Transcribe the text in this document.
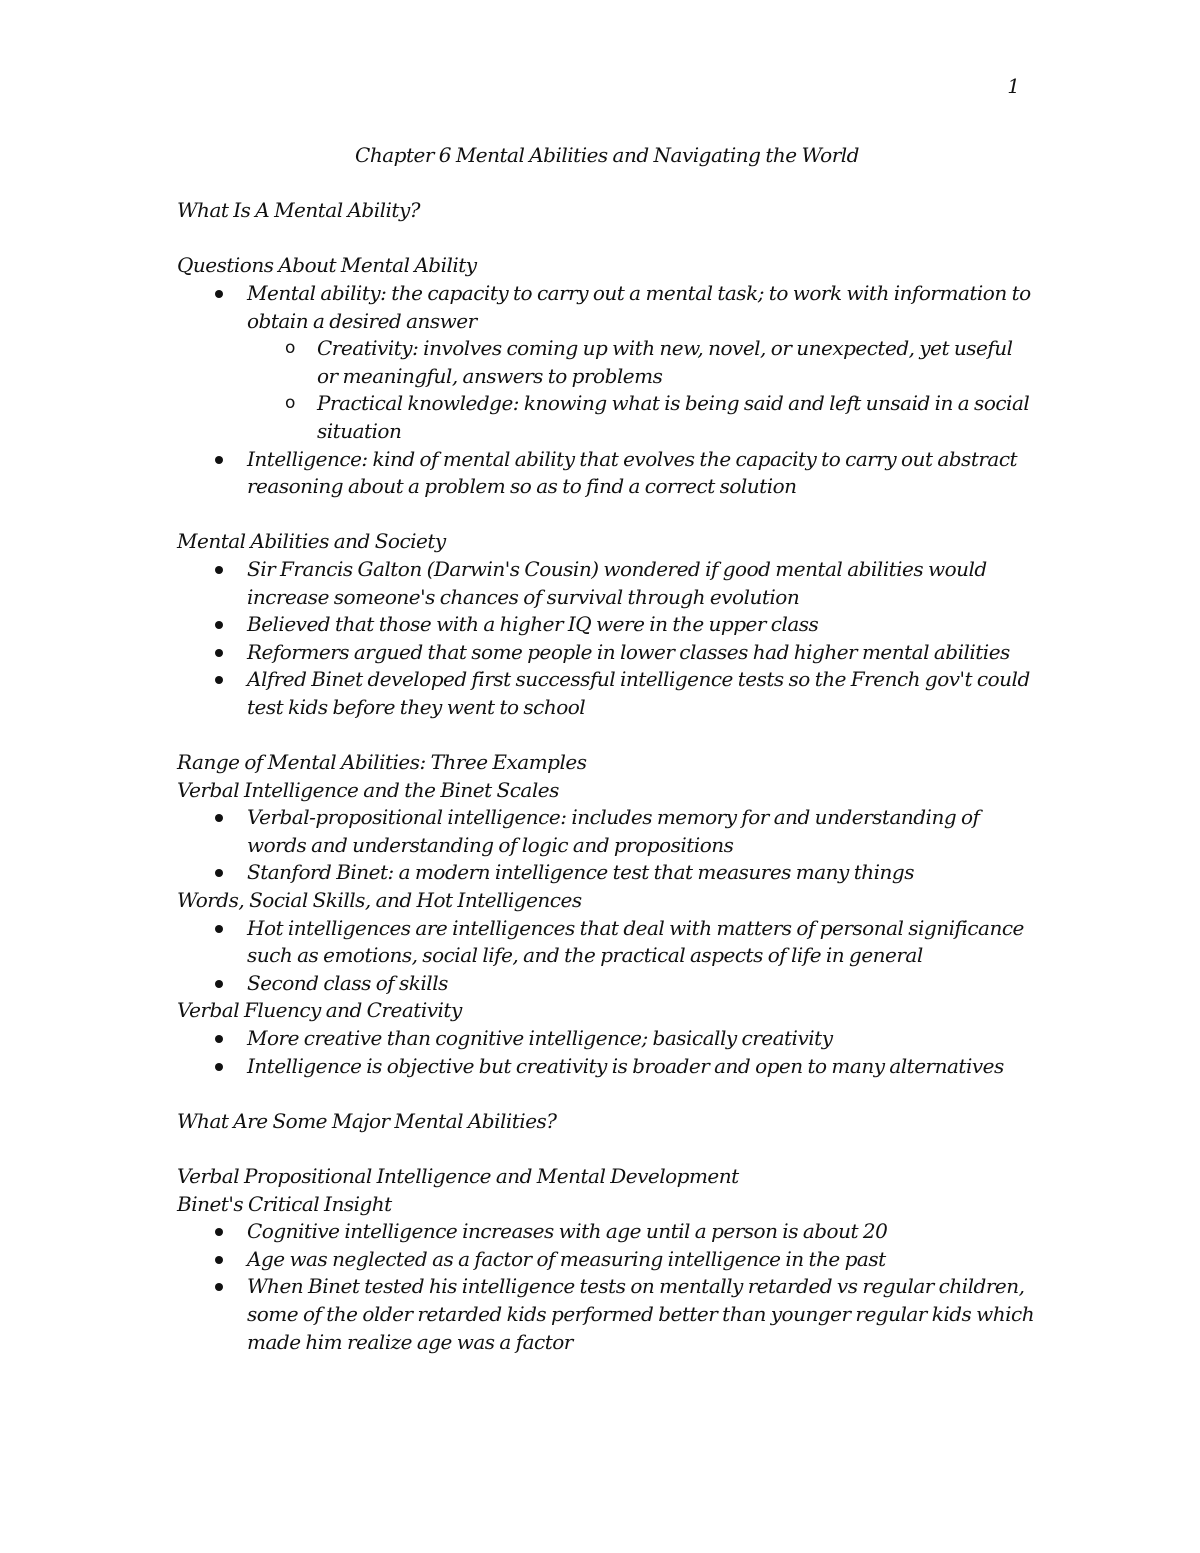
1

Chapter 6 Mental Abilities and Navigating the World

What Is A Mental Ability?

Questions About Mental Ability

Mental ability: the capacity to carry out a mental task; to work with information to obtain a desired answer
o Creativity: involves coming up with new, novel, or unexpected, yet useful or meaningful, answers to problems
o Practical knowledge: knowing what is being said and left unsaid in a social situation
Intelligence: kind of mental ability that evolves the capacity to carry out abstract reasoning about a problem so as to find a correct solution

Mental Abilities and Society

Sir Francis Galton (Darwin's Cousin) wondered if good mental abilities would increase someone's chances of survival through evolution
Believed that those with a higher IQ were in the upper class
Reformers argued that some people in lower classes had higher mental abilities
Alfred Binet developed first successful intelligence tests so the French gov't could test kids before they went to school

Range of Mental Abilities: Three Examples

Verbal Intelligence and the Binet Scales

Verbal-propositional intelligence: includes memory for and understanding of words and understanding of logic and propositions
Stanford Binet: a modern intelligence test that measures many things

Words, Social Skills, and Hot Intelligences

Hot intelligences are intelligences that deal with matters of personal significance such as emotions, social life, and the practical aspects of life in general
Second class of skills

Verbal Fluency and Creativity

More creative than cognitive intelligence; basically creativity
Intelligence is objective but creativity is broader and open to many alternatives

What Are Some Major Mental Abilities?

Verbal Propositional Intelligence and Mental Development

Binet's Critical Insight

Cognitive intelligence increases with age until a person is about 20
Age was neglected as a factor of measuring intelligence in the past
When Binet tested his intelligence tests on mentally retarded vs regular children, some of the older retarded kids performed better than younger regular kids which made him realize age was a factor
